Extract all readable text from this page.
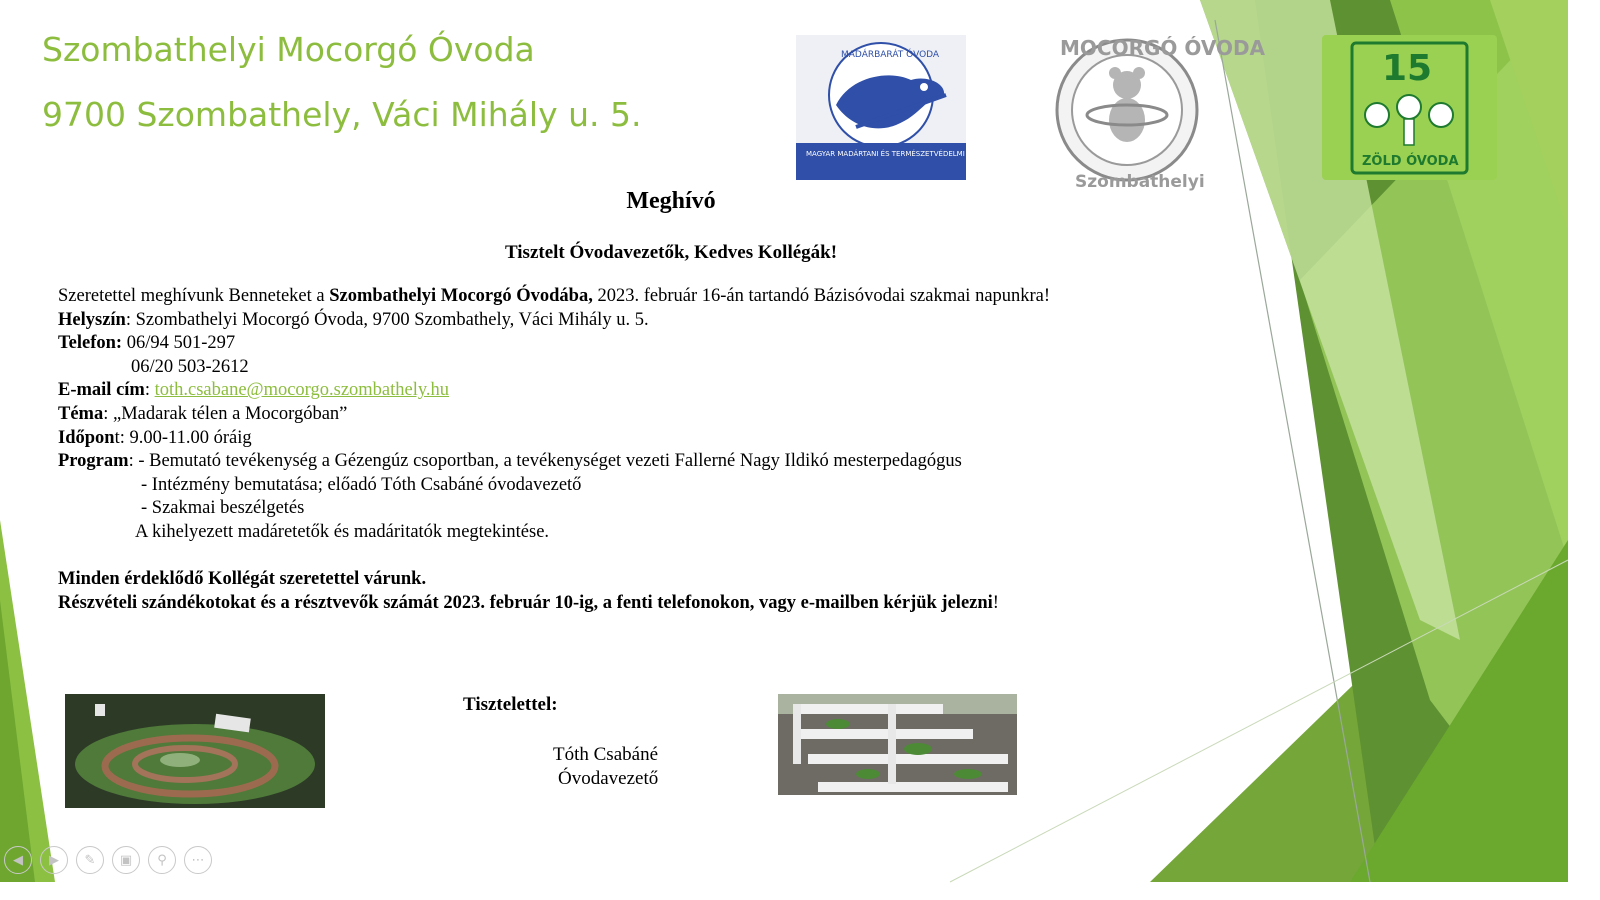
Szombathelyi Mocorgó Óvoda
9700 Szombathely, Váci Mihály u. 5.
MAGYAR MADÁRTANI ÉS TERMÉSZETVÉDELMI EGYESÜLET
MADÁRBARÁT ÓVODA	MOCORGÓ ÓVODA
Szombathelyi
15
ZÖLD ÓVODA
Meghívó
Tisztelt Óvodavezetők, Kedves Kollégák!
Szeretettel meghívunk Benneteket a Szombathelyi Mocorgó Óvodába, 2023. február 16-án tartandó Bázisóvodai szakmai napunkra!
Helyszín: Szombathelyi Mocorgó Óvoda, 9700 Szombathely, Váci Mihály u. 5.
Telefon: 06/94 501-297
06/20 503-2612
E-mail cím: toth.csabane@mocorgo.szombathely.hu
Téma: „Madarak télen a Mocorgóban”
Időpont: 9.00-11.00 óráig
Program: - Bemutató tevékenység a Gézengúz csoportban, a tevékenységet vezeti Fallerné Nagy Ildikó mesterpedagógus
- Intézmény bemutatása; előadó Tóth Csabáné óvodavezető
- Szakmai beszélgetés
A kihelyezett madáretetők és madáritatók megtekintése.
Minden érdeklődő Kollégát szeretettel várunk.
Részvételi szándékotokat és a résztvevők számát 2023. február 10-ig, a fenti telefonokon, vagy e-mailben kérjük jelezni!
Tisztelettel:
Tóth Csabáné
Óvodavezető
◀	▶	✎	▣	⚲	⋯
